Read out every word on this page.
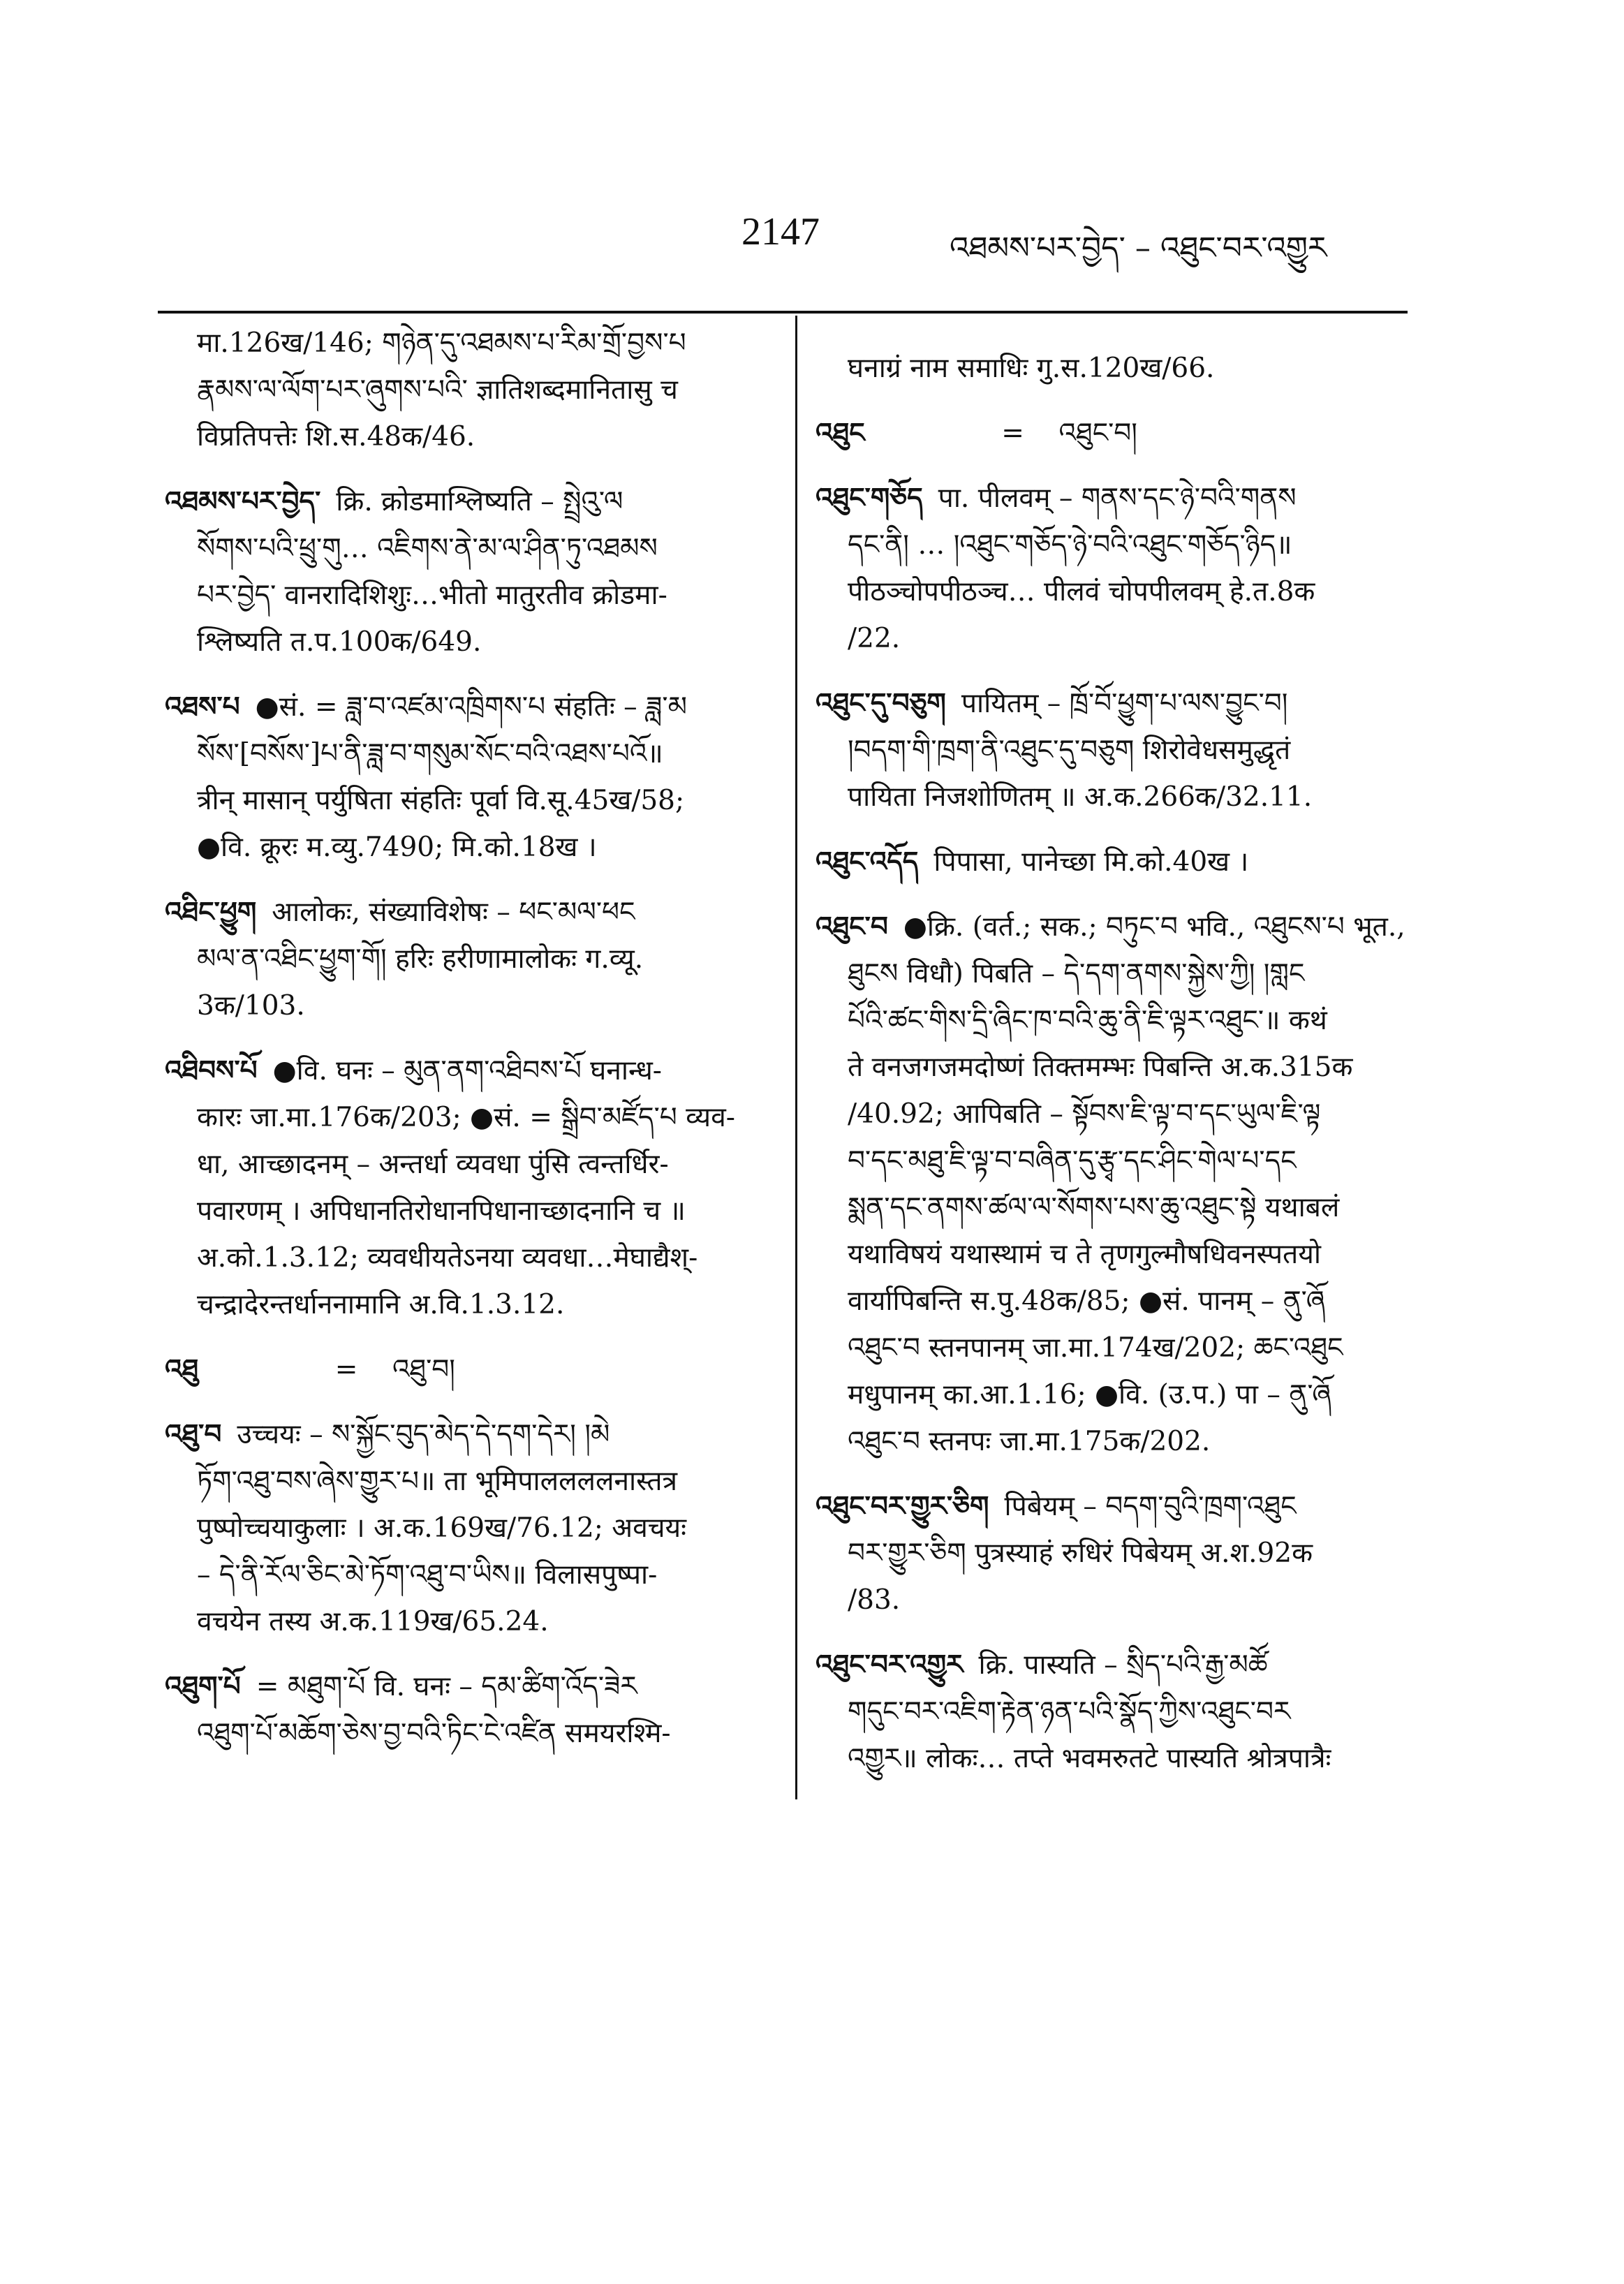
2147	འཐམས་པར་བྱེད་ – འཐུང་བར་འགྱུར
मा.126ख/146; གཉེན་དུ་འཐམས་པ་རིམ་གྲོ་བྱས་པ
རྣམས་ལ་ལོག་པར་ཞུགས་པའི་ ज्ञातिशब्दमानितासु च
विप्रतिपत्तेः शि.स.48क/46.
འཐམས་པར་བྱེད་ क्रि. क्रोडमाश्लिष्यति – སྤྲེའུ་ལ
སོགས་པའི་ཕྲུ་གུ… འཇིགས་ནེ་མ་ལ་ཤིན་ཏུ་འཐམས
པར་བྱེད་ वानरादिशिशुः…भीतो मातुरतीव क्रोडमा-
श्लिष्यति त.प.100क/649.
འཐས་པ ●सं. = ཟླ་བ་འཛམ་འཁྲིགས་པ संहतिः – ཟླ་མ
སོས་[བསོས་]པ་ནི་ཟླ་བ་གསུམ་སོང་བའི་འཐས་པའོ॥
त्रीन् मासान् पर्युषिता संहतिः पूर्वा वि.सू.45ख/58;
●वि. क्रूरः म.व्यु.7490; मि.को.18ख ।
འཐིང་ཕྱུག आलोकः, संख्याविशेषः – ཕང་མལ་ཕང
མལ་ན་འཐིང་ཕྱུག་གོ། हरिः हरीणामालोकः ग.व्यू.
3क/103.
འཐིབས་པོ ●वि. घनः – མུན་ནག་འཐིབས་པོ घनान्ध-
कारः जा.मा.176क/203; ●सं. = སྒྲིབ་མཛོད་པ व्यव-
धा, आच्छादनम् – अन्तर्धा व्यवधा पुंसि त्वन्तर्धिर-
पवारणम् । अपिधानतिरोधानपिधानाच्छादनानि च ॥
अ.को.1.3.12; व्यवधीयतेऽनया व्यवधा…मेघाद्यैश्-
चन्द्रादेरन्तर्धाननामानि अ.वि.1.3.12.
འཐུ              =    འཐུ་བ།
འཐུ་བ उच्चयः – ས་སྐྱོང་བུད་མེད་དེ་དག་དེར། །མེ
ཏོག་འཐུ་བས་ཞེས་གྱུར་པ॥ ता भूमिपाललललनास्तत्र
पुष्पोच्चयाकुलाः । अ.क.169ख/76.12; अवचयः
– དེ་ནི་རོལ་ཅིང་མེ་ཏོག་འཐུ་བ་ཡིས॥ विलासपुष्पा-
वचयेन तस्य अ.क.119ख/65.24.
འཐུག་པོ = མཐུག་པོ वि. घनः – དམ་ཚིག་འོད་ཟེར
འཐུག་པོ་མཆོག་ཅེས་བྱ་བའི་ཏིང་ངེ་འཛིན समयरश्मि-
घनाग्रं नाम समाधिः गु.स.120ख/66.
འཐུང              =    འཐུང་བ།
འཐུང་གཅོད पा. पीलवम् – གནས་དང་ཉེ་བའི་གནས
དང་ནི། … །འཐུང་གཅོད་ཉེ་བའི་འཐུང་གཅོད་ཉིད॥
पीठञ्चोपपीठञ्च… पीलवं चोपपीलवम् हे.त.8क
/22.
འཐུང་དུ་བཅུག पायितम् – ཁྲོ་བོ་ཕྱུག་པ་ལས་བྱུང་བ།
།བདག་གི་ཁྲག་ནི་འཐུང་དུ་བཅུག शिरोवेधसमुद्धृतं
पायिता निजशोणितम् ॥ अ.क.266क/32.11.
འཐུང་འདོད पिपासा, पानेच्छा मि.को.40ख ।
འཐུང་བ ●क्रि. (वर्त.; सक.; བཏུང་བ भवि., འཐུངས་པ भूत.,
ཐུངས विधौ) पिबति – དེ་དག་ནགས་སྐྱེས་ཀྱི། །གླང
པོའི་ཚང་གིས་དྲི་ཞིང་ཁ་བའི་ཆུ་ནི་ཇི་ལྟར་འཐུང་॥ कथं
ते वनजगजमदोष्णं तिक्तमम्भः पिबन्ति अ.क.315क
/40.92; आपिबति – སྟོབས་ཇི་ལྟ་བ་དང་ཡུལ་ཇི་ལྟ
བ་དང་མཐུ་ཇི་ལྟ་བ་བཞིན་དུ་རྩྭ་དང་ཤིང་གེལ་པ་དང
སྨན་དང་ནགས་ཚལ་ལ་སོགས་པས་ཆུ་འཐུང་སྟེ यथाबलं
यथाविषयं यथास्थामं च ते तृणगुल्मौषधिवनस्पतयो
वार्यापिबन्ति स.पु.48क/85; ●सं. पानम् – ནུ་ཞོ
འཐུང་བ स्तनपानम् जा.मा.174ख/202; ཆང་འཐུང
मधुपानम् का.आ.1.16; ●वि. (उ.प.) पा – ནུ་ཞོ
འཐུང་བ स्तनपः जा.मा.175क/202.
འཐུང་བར་གྱུར་ཅིག पिबेयम् – བདག་བུའི་ཁྲག་འཐུང
བར་གྱུར་ཅིག पुत्रस्याहं रुधिरं पिबेयम् अ.श.92क
/83.
འཐུང་བར་འགྱུར क्रि. पास्यति – སྲིད་པའི་རྒྱ་མཚོ
གདུང་བར་འཇིག་རྟེན་ཉན་པའི་སྣོད་ཀྱིས་འཐུང་བར
འགྱུར॥ लोकः… तप्ते भवमरुतटे पास्यति श्रोत्रपात्रैः
